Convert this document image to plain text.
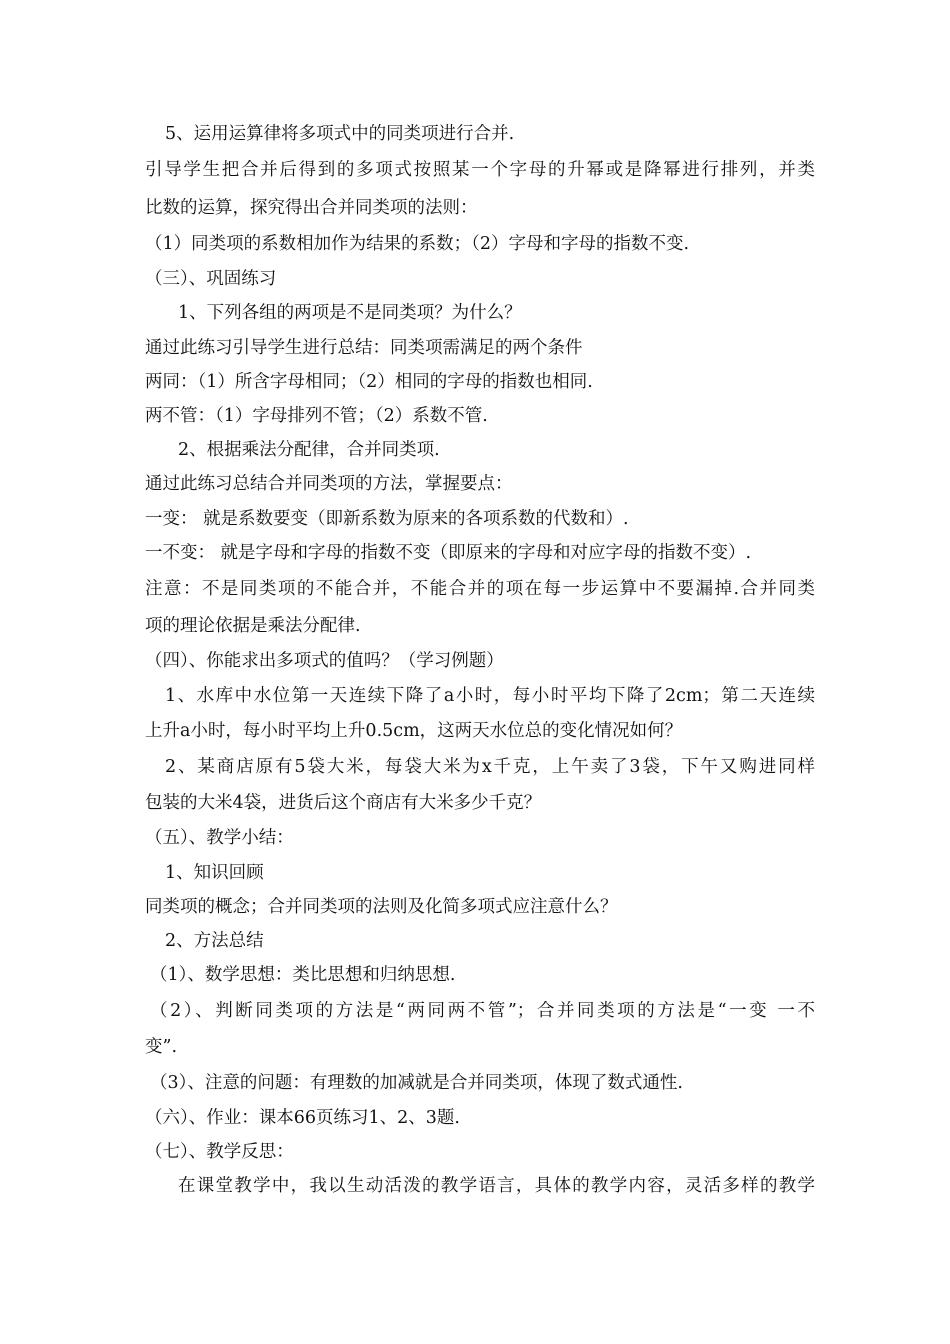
5、运用运算律将多项式中的同类项进行合并.
引导学生把合并后得到的多项式按照某一个字母的升幂或是降幂进行排列，并类
比数的运算，探究得出合并同类项的法则：
（1）同类项的系数相加作为结果的系数；（2）字母和字母的指数不变.
（三）、巩固练习
1、下列各组的两项是不是同类项？为什么？
通过此练习引导学生进行总结：同类项需满足的两个条件
两同：（1）所含字母相同；（2）相同的字母的指数也相同.
两不管：（1）字母排列不管；（2）系数不管.
2、根据乘法分配律，合并同类项.
通过此练习总结合并同类项的方法，掌握要点：
一变： 就是系数要变（即新系数为原来的各项系数的代数和）.
一不变： 就是字母和字母的指数不变（即原来的字母和对应字母的指数不变）.
注意：不是同类项的不能合并，不能合并的项在每一步运算中不要漏掉.合并同类
项的理论依据是乘法分配律.
（四）、你能求出多项式的值吗？（学习例题）
1、水库中水位第一天连续下降了a小时，每小时平均下降了2cm；第二天连续
上升a小时，每小时平均上升0.5cm，这两天水位总的变化情况如何？
2、某商店原有5袋大米，每袋大米为x千克，上午卖了3袋，下午又购进同样
包装的大米4袋，进货后这个商店有大米多少千克？
（五）、教学小结：
1、知识回顾
同类项的概念；合并同类项的法则及化简多项式应注意什么？
2、方法总结
（1）、数学思想：类比思想和归纳思想.
（2）、判断同类项的方法是“两同两不管”；合并同类项的方法是“一变 一不
变”.
（3）、注意的问题：有理数的加减就是合并同类项，体现了数式通性.
（六）、作业：课本66页练习1、2、3题.
（七）、教学反思：
在课堂教学中，我以生动活泼的教学语言，具体的教学内容，灵活多样的教学
